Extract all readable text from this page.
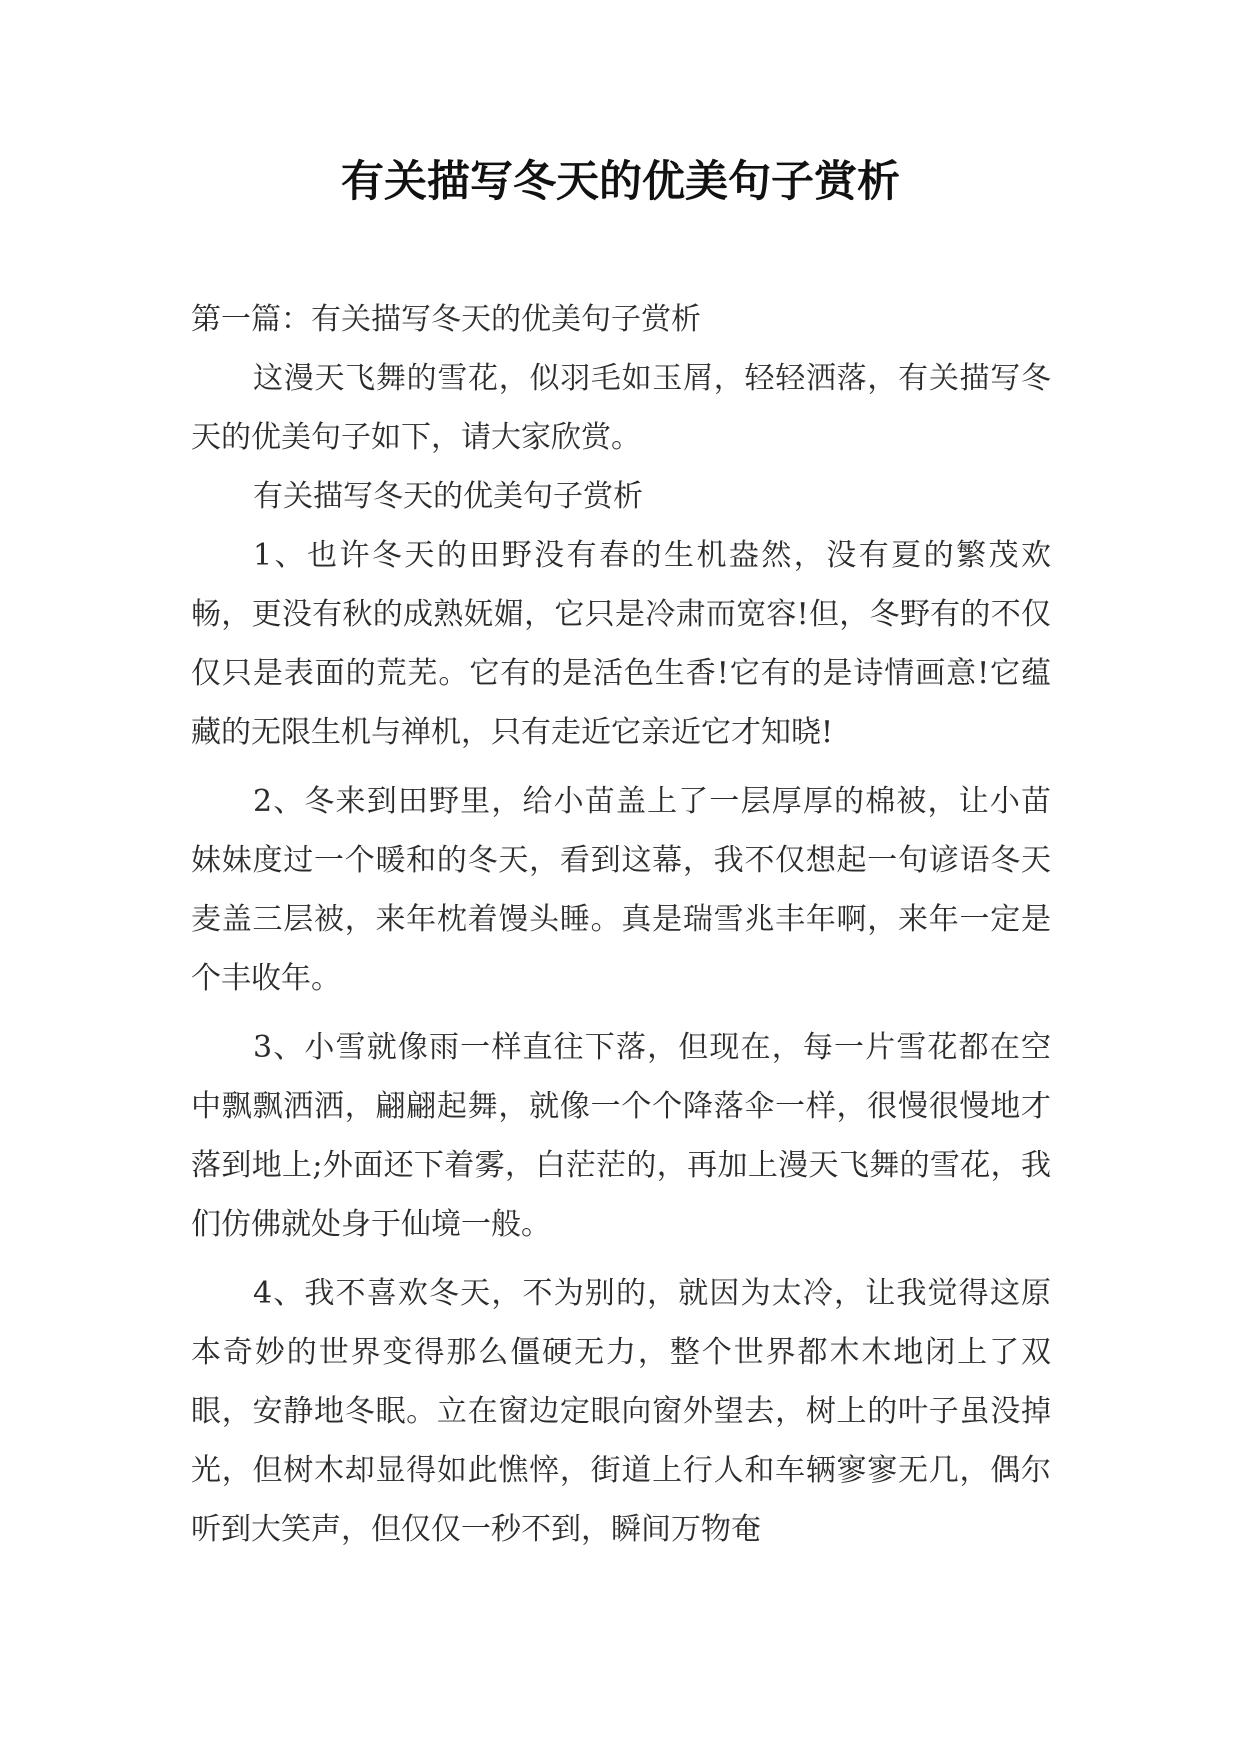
有关描写冬天的优美句子赏析

第一篇：有关描写冬天的优美句子赏析

这漫天飞舞的雪花，似羽毛如玉屑，轻轻洒落，有关描写冬天的优美句子如下，请大家欣赏。

有关描写冬天的优美句子赏析

1、也许冬天的田野没有春的生机盎然，没有夏的繁茂欢畅，更没有秋的成熟妩媚，它只是冷肃而宽容!但，冬野有的不仅仅只是表面的荒芜。它有的是活色生香!它有的是诗情画意!它蕴藏的无限生机与禅机，只有走近它亲近它才知晓!

2、冬来到田野里，给小苗盖上了一层厚厚的棉被，让小苗妹妹度过一个暖和的冬天，看到这幕，我不仅想起一句谚语冬天麦盖三层被，来年枕着馒头睡。真是瑞雪兆丰年啊，来年一定是个丰收年。

3、小雪就像雨一样直往下落，但现在，每一片雪花都在空中飘飘洒洒，翩翩起舞，就像一个个降落伞一样，很慢很慢地才落到地上;外面还下着雾，白茫茫的，再加上漫天飞舞的雪花，我们仿佛就处身于仙境一般。

4、我不喜欢冬天，不为别的，就因为太冷，让我觉得这原本奇妙的世界变得那么僵硬无力，整个世界都木木地闭上了双眼，安静地冬眠。立在窗边定眼向窗外望去，树上的叶子虽没掉光，但树木却显得如此憔悴，街道上行人和车辆寥寥无几，偶尔听到大笑声，但仅仅一秒不到，瞬间万物奄
